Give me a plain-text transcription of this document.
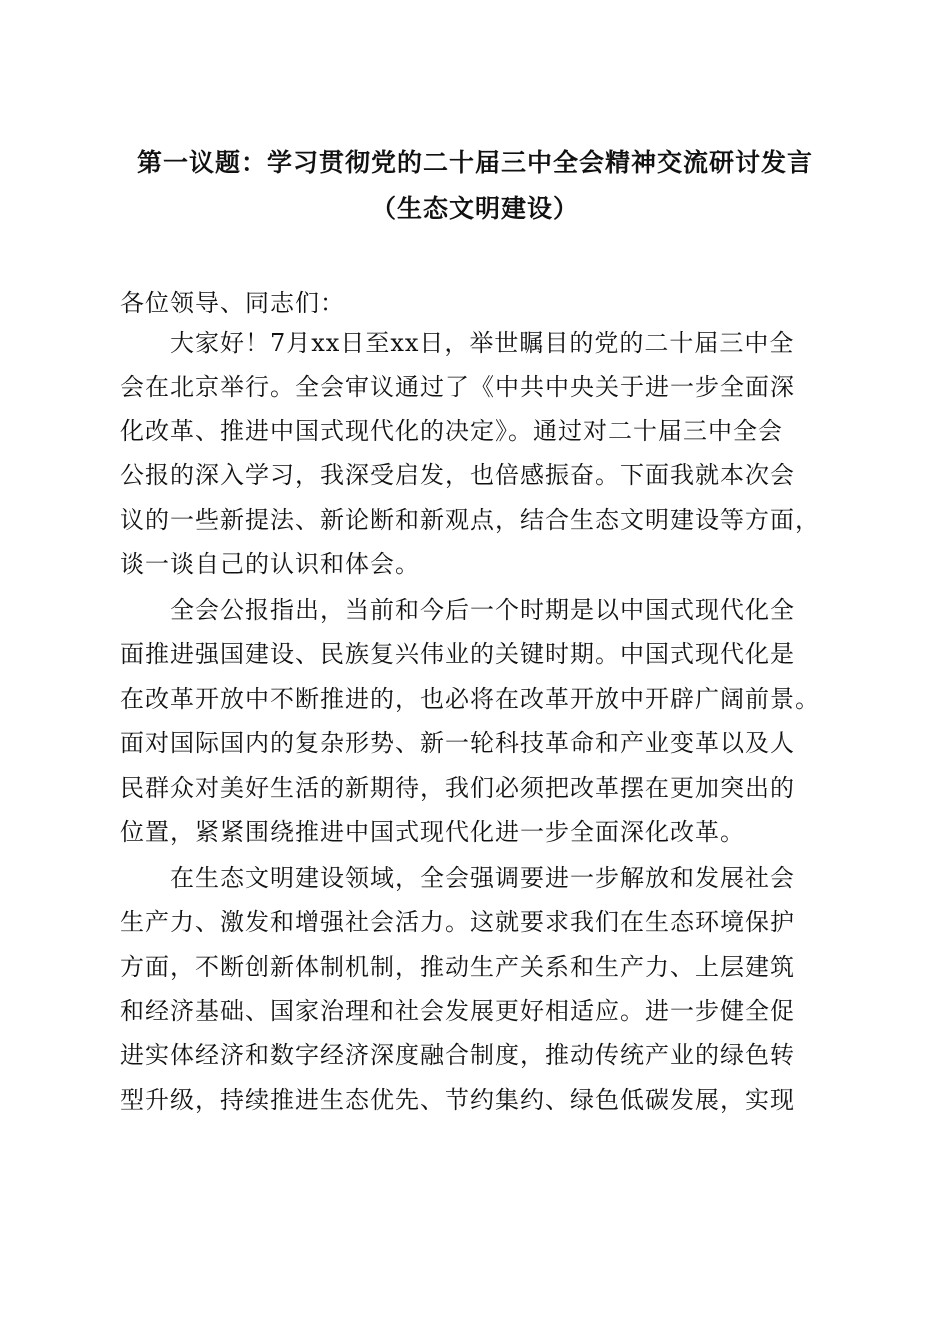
第一议题：学习贯彻党的二十届三中全会精神交流研讨发言
（生态文明建设）
各位领导、同志们：
大家好！7月xx日至xx日，举世瞩目的党的二十届三中全
会在北京举行。全会审议通过了《中共中央关于进一步全面深
化改革、推进中国式现代化的决定》。通过对二十届三中全会
公报的深入学习，我深受启发，也倍感振奋。下面我就本次会
议的一些新提法、新论断和新观点，结合生态文明建设等方面，
谈一谈自己的认识和体会。
全会公报指出，当前和今后一个时期是以中国式现代化全
面推进强国建设、民族复兴伟业的关键时期。中国式现代化是
在改革开放中不断推进的，也必将在改革开放中开辟广阔前景。
面对国际国内的复杂形势、新一轮科技革命和产业变革以及人
民群众对美好生活的新期待，我们必须把改革摆在更加突出的
位置，紧紧围绕推进中国式现代化进一步全面深化改革。
在生态文明建设领域，全会强调要进一步解放和发展社会
生产力、激发和增强社会活力。这就要求我们在生态环境保护
方面，不断创新体制机制，推动生产关系和生产力、上层建筑
和经济基础、国家治理和社会发展更好相适应。进一步健全促
进实体经济和数字经济深度融合制度，推动传统产业的绿色转
型升级，持续推进生态优先、节约集约、绿色低碳发展，实现
